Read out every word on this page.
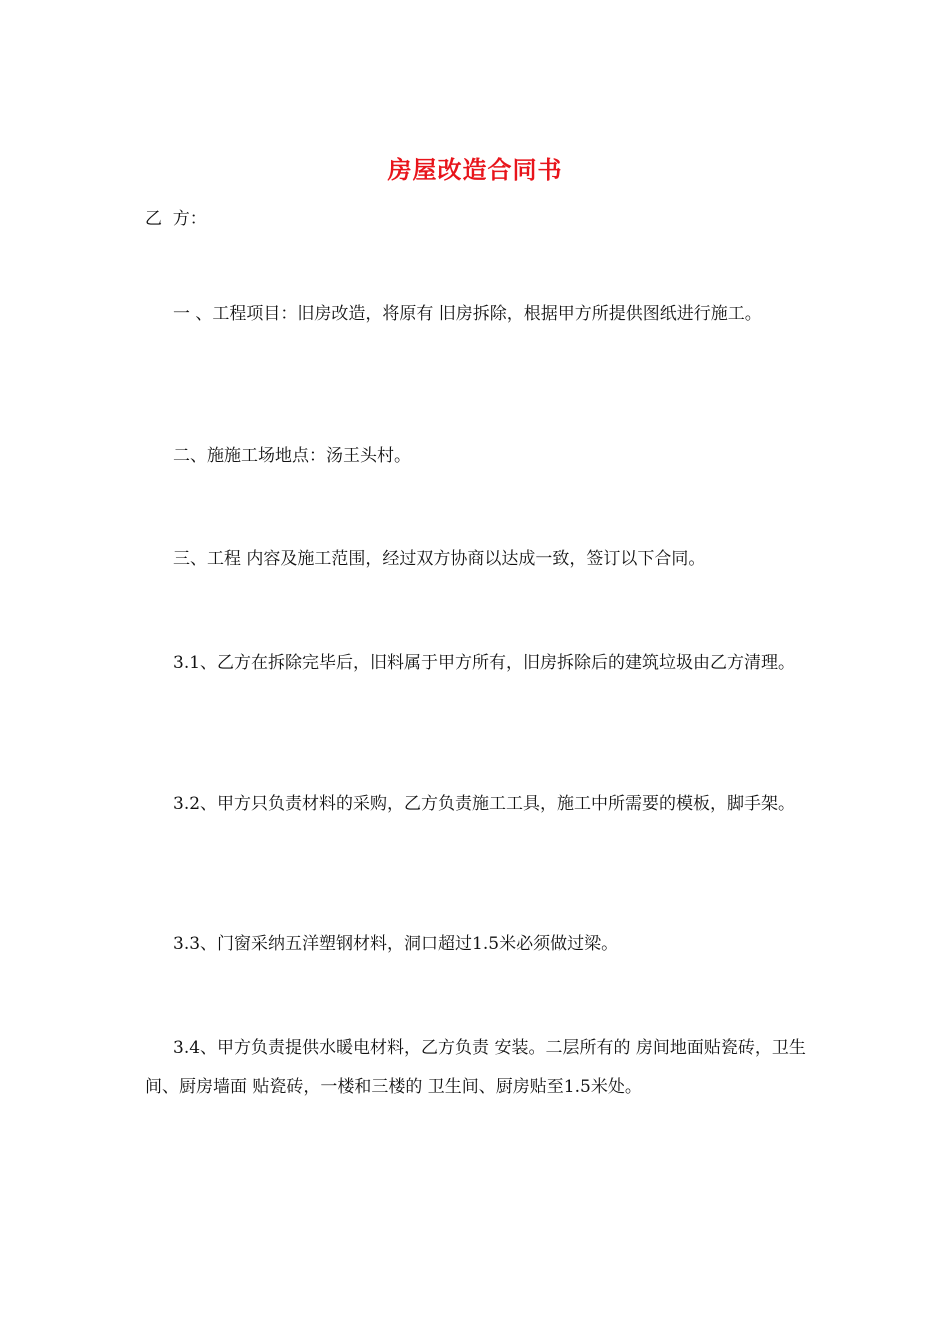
房屋改造合同书
乙  方：
一 、工程项目：旧房改造，将原有 旧房拆除，根据甲方所提供图纸进行施工。
二、施施工场地点：汤王头村。
三、工程 内容及施工范围，经过双方协商以达成一致，签订以下合同。
3.1、乙方在拆除完毕后，旧料属于甲方所有，旧房拆除后的建筑垃圾由乙方清理。
3.2、甲方只负责材料的采购，乙方负责施工工具，施工中所需要的模板，脚手架。
3.3、门窗采纳五洋塑钢材料，洞口超过1.5米必须做过梁。
3.4、甲方负责提供水暖电材料，乙方负责 安装。二层所有的 房间地面贴瓷砖，卫生间、厨房墙面 贴瓷砖，一楼和三楼的 卫生间、厨房贴至1.5米处。
